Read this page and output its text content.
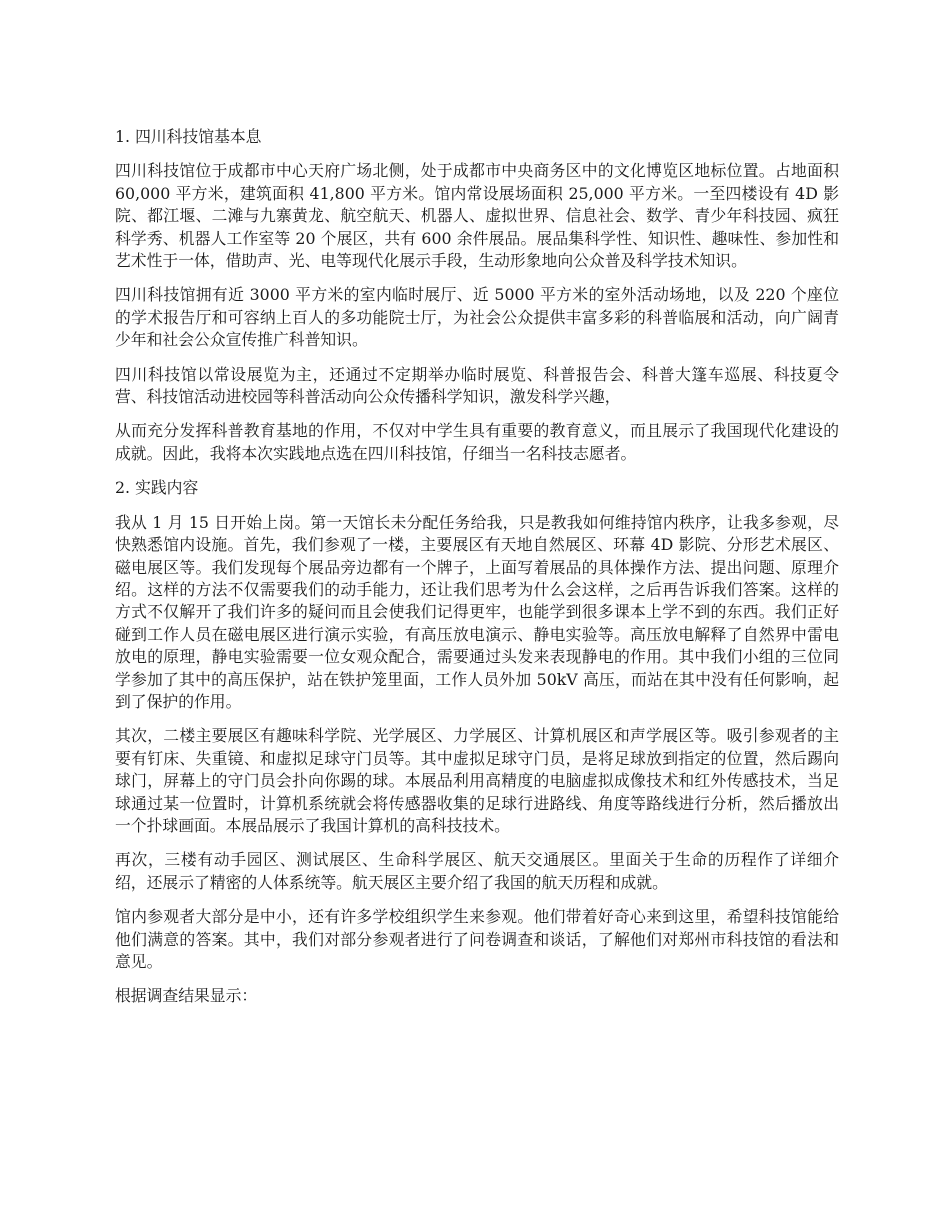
1. 四川科技馆基本息

四川科技馆位于成都市中心天府广场北侧，处于成都市中央商务区中的文化博览区地标位置。占地面积 60,000 平方米，建筑面积 41,800 平方米。馆内常设展场面积 25,000 平方米。一至四楼设有 4D 影院、都江堰、二滩与九寨黄龙、航空航天、机器人、虚拟世界、信息社会、数学、青少年科技园、疯狂科学秀、机器人工作室等 20 个展区，共有 600 余件展品。展品集科学性、知识性、趣味性、参加性和艺术性于一体，借助声、光、电等现代化展示手段，生动形象地向公众普及科学技术知识。

四川科技馆拥有近 3000 平方米的室内临时展厅、近 5000 平方米的室外活动场地，以及 220 个座位的学术报告厅和可容纳上百人的多功能院士厅，为社会公众提供丰富多彩的科普临展和活动，向广阔青少年和社会公众宣传推广科普知识。

四川科技馆以常设展览为主，还通过不定期举办临时展览、科普报告会、科普大篷车巡展、科技夏令营、科技馆活动进校园等科普活动向公众传播科学知识，激发科学兴趣，

从而充分发挥科普教育基地的作用，不仅对中学生具有重要的教育意义，而且展示了我国现代化建设的成就。因此，我将本次实践地点选在四川科技馆，仔细当一名科技志愿者。

2. 实践内容

我从 1 月 15 日开始上岗。第一天馆长未分配任务给我，只是教我如何维持馆内秩序，让我多参观，尽快熟悉馆内设施。首先，我们参观了一楼，主要展区有天地自然展区、环幕 4D 影院、分形艺术展区、磁电展区等。我们发现每个展品旁边都有一个牌子，上面写着展品的具体操作方法、提出问题、原理介绍。这样的方法不仅需要我们的动手能力，还让我们思考为什么会这样，之后再告诉我们答案。这样的方式不仅解开了我们许多的疑问而且会使我们记得更牢，也能学到很多课本上学不到的东西。我们正好碰到工作人员在磁电展区进行演示实验，有高压放电演示、静电实验等。高压放电解释了自然界中雷电放电的原理，静电实验需要一位女观众配合，需要通过头发来表现静电的作用。其中我们小组的三位同学参加了其中的高压保护，站在铁护笼里面，工作人员外加 50kV 高压，而站在其中没有任何影响，起到了保护的作用。

其次，二楼主要展区有趣味科学院、光学展区、力学展区、计算机展区和声学展区等。吸引参观者的主要有钉床、失重镜、和虚拟足球守门员等。其中虚拟足球守门员，是将足球放到指定的位置，然后踢向球门，屏幕上的守门员会扑向你踢的球。本展品利用高精度的电脑虚拟成像技术和红外传感技术，当足球通过某一位置时，计算机系统就会将传感器收集的足球行进路线、角度等路线进行分析，然后播放出一个扑球画面。本展品展示了我国计算机的高科技技术。

再次，三楼有动手园区、测试展区、生命科学展区、航天交通展区。里面关于生命的历程作了详细介绍，还展示了精密的人体系统等。航天展区主要介绍了我国的航天历程和成就。

馆内参观者大部分是中小，还有许多学校组织学生来参观。他们带着好奇心来到这里，希望科技馆能给他们满意的答案。其中，我们对部分参观者进行了问卷调查和谈话，了解他们对郑州市科技馆的看法和意见。

根据调查结果显示：
